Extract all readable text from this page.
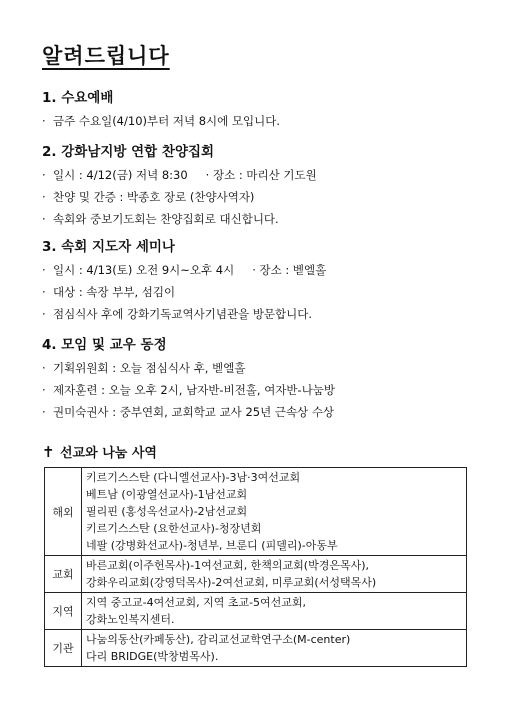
알려드립니다
1. 수요예배
· 금주 수요일(4/10)부터 저녁 8시에 모입니다.
2. 강화남지방 연합 찬양집회
· 일시 : 4/12(금) 저녁 8:30 · 장소 : 마리산 기도원
· 찬양 및 간증 : 박종호 장로 (찬양사역자)
· 속회와 중보기도회는 찬양집회로 대신합니다.
3. 속회 지도자 세미나
· 일시 : 4/13(토) 오전 9시~오후 4시 · 장소 : 벧엘홀
· 대상 : 속장 부부, 섬김이
· 점심식사 후에 강화기독교역사기념관을 방문합니다.
4. 모임 및 교우 동정
· 기획위원회 : 오늘 점심식사 후, 벧엘홀
· 제자훈련 : 오늘 오후 2시, 남자반-비전홀, 여자반-나눔방
· 권미숙권사 : 중부연회, 교회학교 교사 25년 근속상 수상
✝ 선교와 나눔 사역
해외	키르기스스탄 (다니엘선교사)-3남·3여선교회
베트남 (이광열선교사)-1남선교회
필리핀 (홍성옥선교사)-2남선교회
키르기스스탄 (요한선교사)-청장년회
네팔 (강병화선교사)-청년부, 브룬디 (피델리)-아동부

교회	바른교회(이주헌목사)-1여선교회, 한책의교회(박경은목사),
강화우리교회(강영덕목사)-2여선교회, 미루교회(서성택목사)

지역	지역 중고교-4여선교회, 지역 초교-5여선교회,
강화노인복지센터.

기관	나눔의동산(카페동산), 감리교선교학연구소(M-center)
다리 BRIDGE(박창범목사).
